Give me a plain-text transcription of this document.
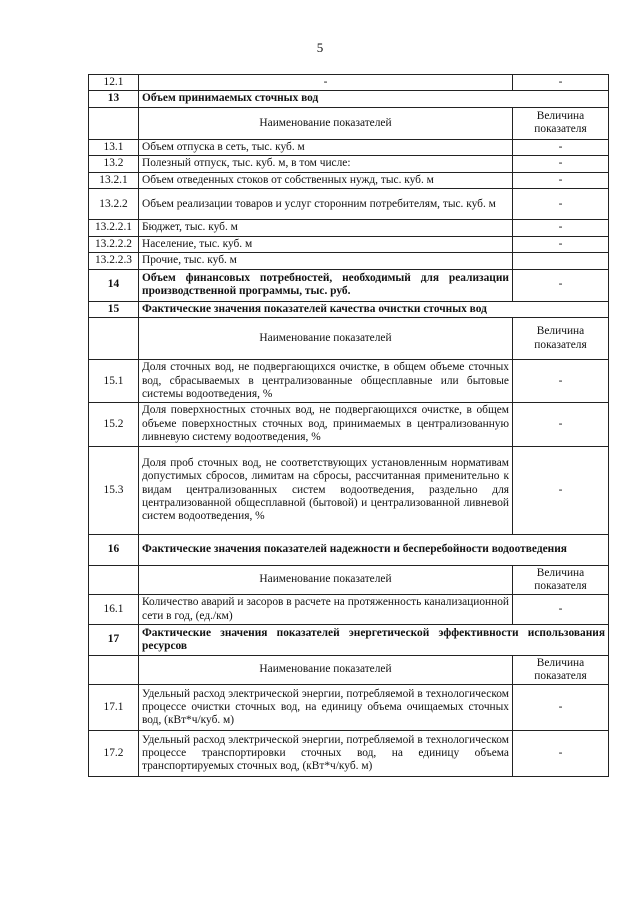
5
12.1	-	-
13	Объем принимаемых сточных вод	
	Наименование показателей	Величина показателя
13.1	Объем отпуска в сеть, тыс. куб. м	-
13.2	Полезный отпуск, тыс. куб. м, в том числе:	-
13.2.1	Объем отведенных стоков от собственных нужд, тыс. куб. м	-
13.2.2	Объем реализации товаров и услуг сторонним потребителям, тыс. куб. м	-
13.2.2.1	Бюджет, тыс. куб. м	-
13.2.2.2	Население, тыс. куб. м	-
13.2.2.3	Прочие, тыс. куб. м	
14	Объем финансовых потребностей, необходимый для реализации производственной программы, тыс. руб.	-
15	Фактические значения показателей качества очистки сточных вод	
	Наименование показателей	Величина показателя
15.1	Доля сточных вод, не подвергающихся очистке, в общем объеме сточных вод, сбрасываемых в централизованные общесплавные или бытовые системы водоотведения, %	-
15.2	Доля поверхностных сточных вод, не подвергающихся очистке, в общем объеме поверхностных сточных вод, принимаемых в централизованную ливневую систему водоотведения, %	-
15.3	Доля проб сточных вод, не соответствующих установленным нормативам допустимых сбросов, лимитам на сбросы, рассчитанная применительно к видам централизованных систем водоотведения, раздельно для централизованной общесплавной (бытовой) и централизованной ливневой систем водоотведения, %	-
16	Фактические значения показателей надежности и бесперебойности водоотведения	
	Наименование показателей	Величина показателя
16.1	Количество аварий и засоров в расчете на протяженность канализационной сети в год, (ед./км)	-
17	Фактические значения показателей энергетической эффективности использования ресурсов	
	Наименование показателей	Величина показателя
17.1	Удельный расход электрической энергии, потребляемой в технологическом процессе очистки сточных вод, на единицу объема очищаемых сточных вод, (кВт*ч/куб. м)	-
17.2	Удельный расход электрической энергии, потребляемой в технологическом процессе транспортировки сточных вод, на единицу объема транспортируемых сточных вод, (кВт*ч/куб. м)	-
